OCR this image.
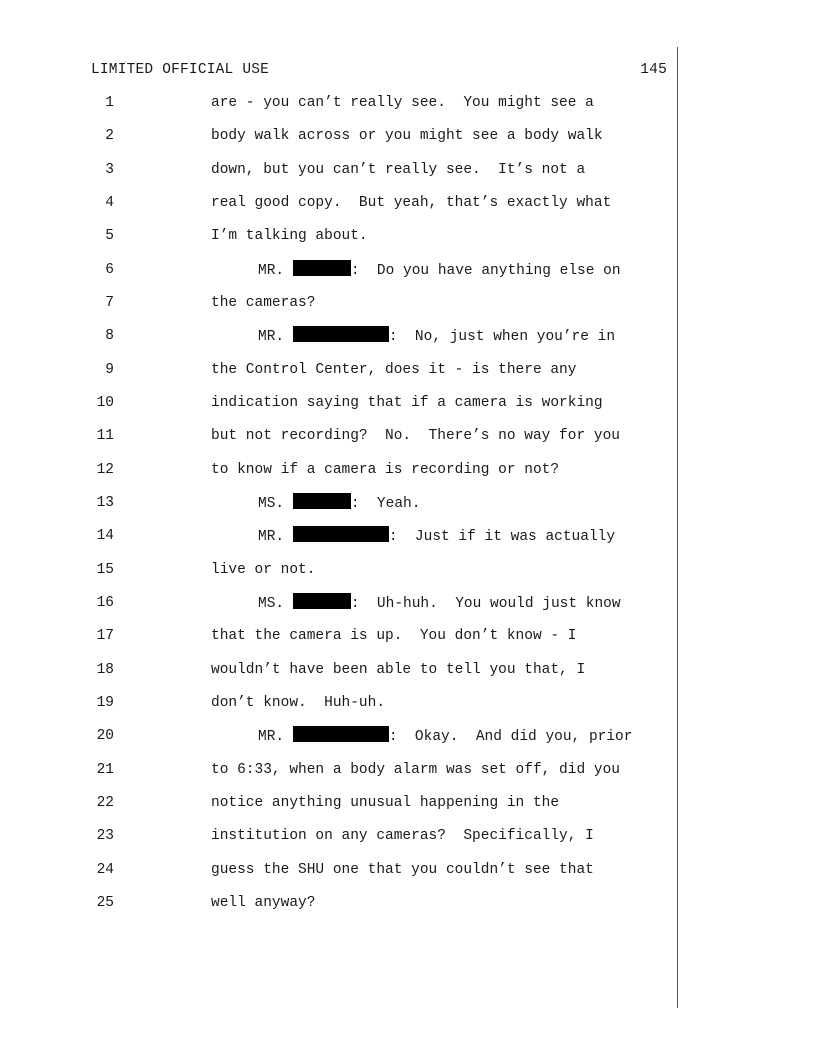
LIMITED OFFICIAL USE	145
1	are - you can’t really see.  You might see a
2	body walk across or you might see a body walk
3	down, but you can’t really see.  It’s not a
4	real good copy.  But yeah, that’s exactly what
5	I’m talking about.
6	MR.	:  Do you have anything else on
7	the cameras?
8	MR.	:  No, just when you’re in
9	the Control Center, does it - is there any
10	indication saying that if a camera is working
11	but not recording?  No.  There’s no way for you
12	to know if a camera is recording or not?
13	MS.	:  Yeah.
14	MR.	:  Just if it was actually
15	live or not.
16	MS.	:  Uh-huh.  You would just know
17	that the camera is up.  You don’t know - I
18	wouldn’t have been able to tell you that, I
19	don’t know.  Huh-uh.
20	MR.	:  Okay.  And did you, prior
21	to 6:33, when a body alarm was set off, did you
22	notice anything unusual happening in the
23	institution on any cameras?  Specifically, I
24	guess the SHU one that you couldn’t see that
25	well anyway?
